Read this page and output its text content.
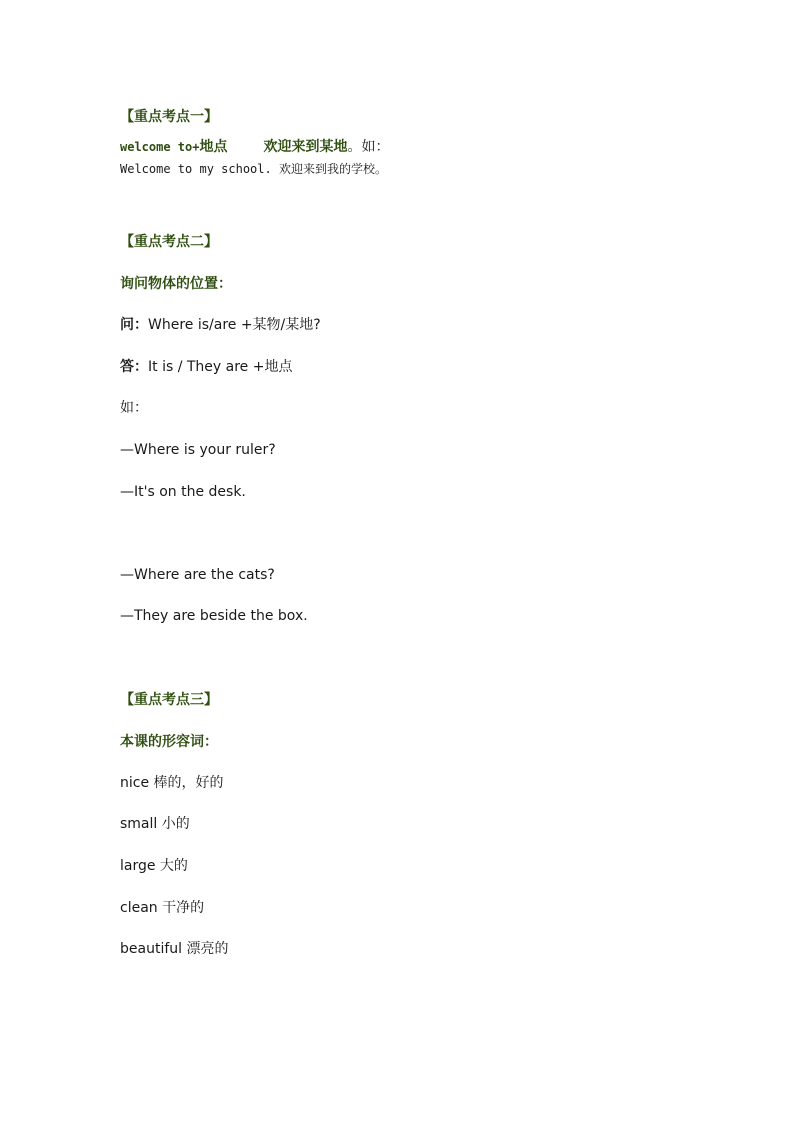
【重点考点一】
welcome to+地点	欢迎来到某地。如：
Welcome to my school. 欢迎来到我的学校。
【重点考点二】
询问物体的位置：
问：Where is/are +某物/某地?
答：It is / They are +地点
如：
—Where is your ruler?
—It's on the desk.
—Where are the cats?
—They are beside the box.
【重点考点三】
本课的形容词：
nice 棒的，好的
small 小的
large 大的
clean 干净的
beautiful 漂亮的
